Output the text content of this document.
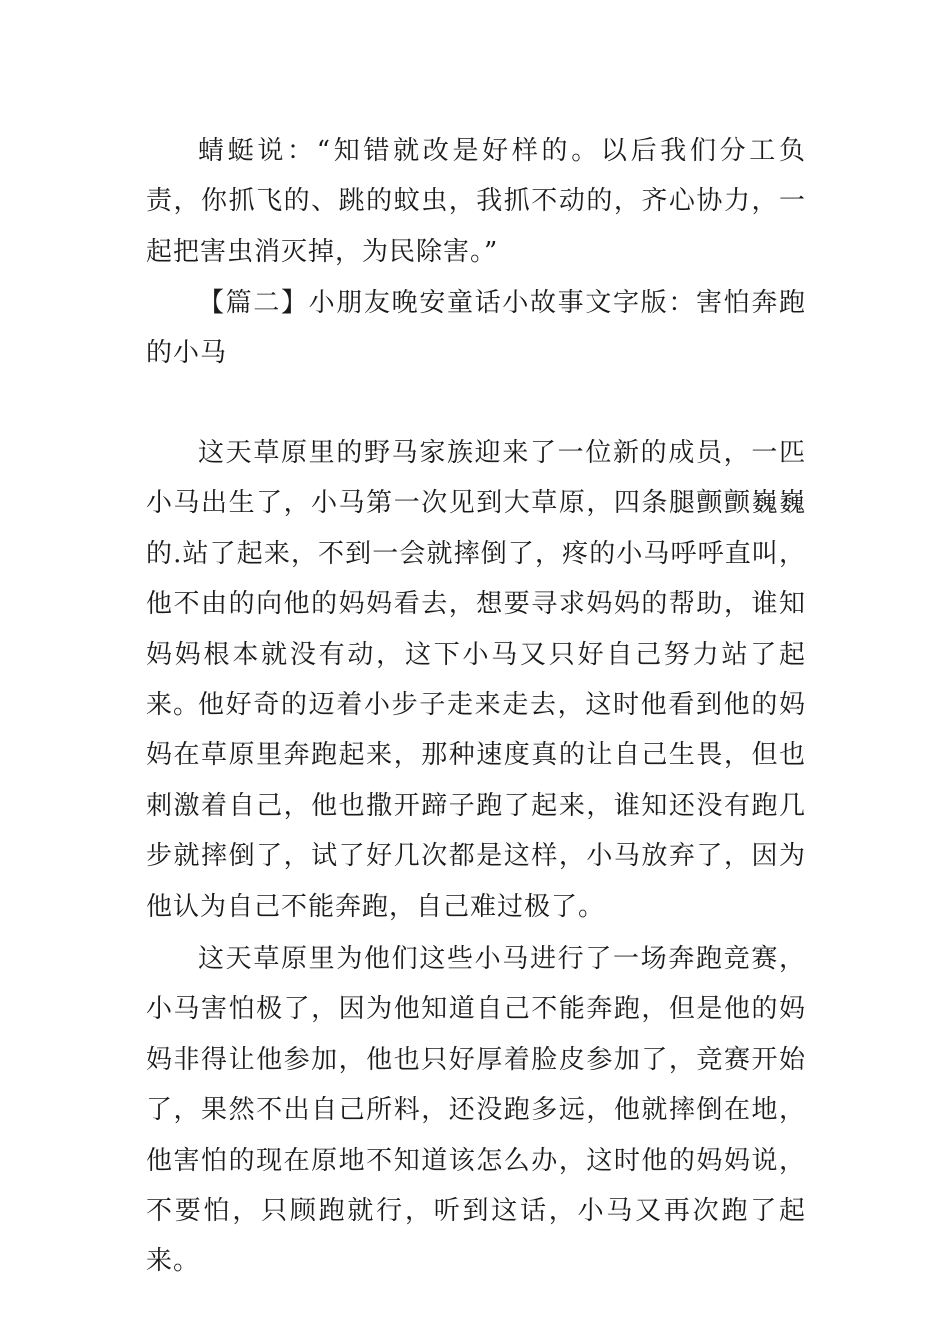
蜻蜓说：“知错就改是好样的。以后我们分工负责，你抓飞的、跳的蚊虫，我抓不动的，齐心协力，一起把害虫消灭掉，为民除害。”

【篇二】小朋友晚安童话小故事文字版：害怕奔跑的小马

这天草原里的野马家族迎来了一位新的成员，一匹小马出生了，小马第一次见到大草原，四条腿颤颤巍巍的.站了起来，不到一会就摔倒了，疼的小马呼呼直叫，他不由的向他的妈妈看去，想要寻求妈妈的帮助，谁知妈妈根本就没有动，这下小马又只好自己努力站了起来。

他好奇的迈着小步子走来走去，这时他看到他的妈妈在草原里奔跑起来，那种速度真的让自己生畏，但也刺激着自己，他也撒开蹄子跑了起来，谁知还没有跑几步就摔倒了，试了好几次都是这样，小马放弃了，因为他认为自己不能奔跑，自己难过极了。

这天草原里为他们这些小马进行了一场奔跑竞赛，小马害怕极了，因为他知道自己不能奔跑，但是他的妈妈非得让他参加，他也只好厚着脸皮参加了，竞赛开始了，果然不出自己所料，还没跑多远，他就摔倒在地，他害怕的现在原地不知道该怎么办，这时他的妈妈说，不要怕，只顾跑就行，听到这话，小马又再次跑了起来。
